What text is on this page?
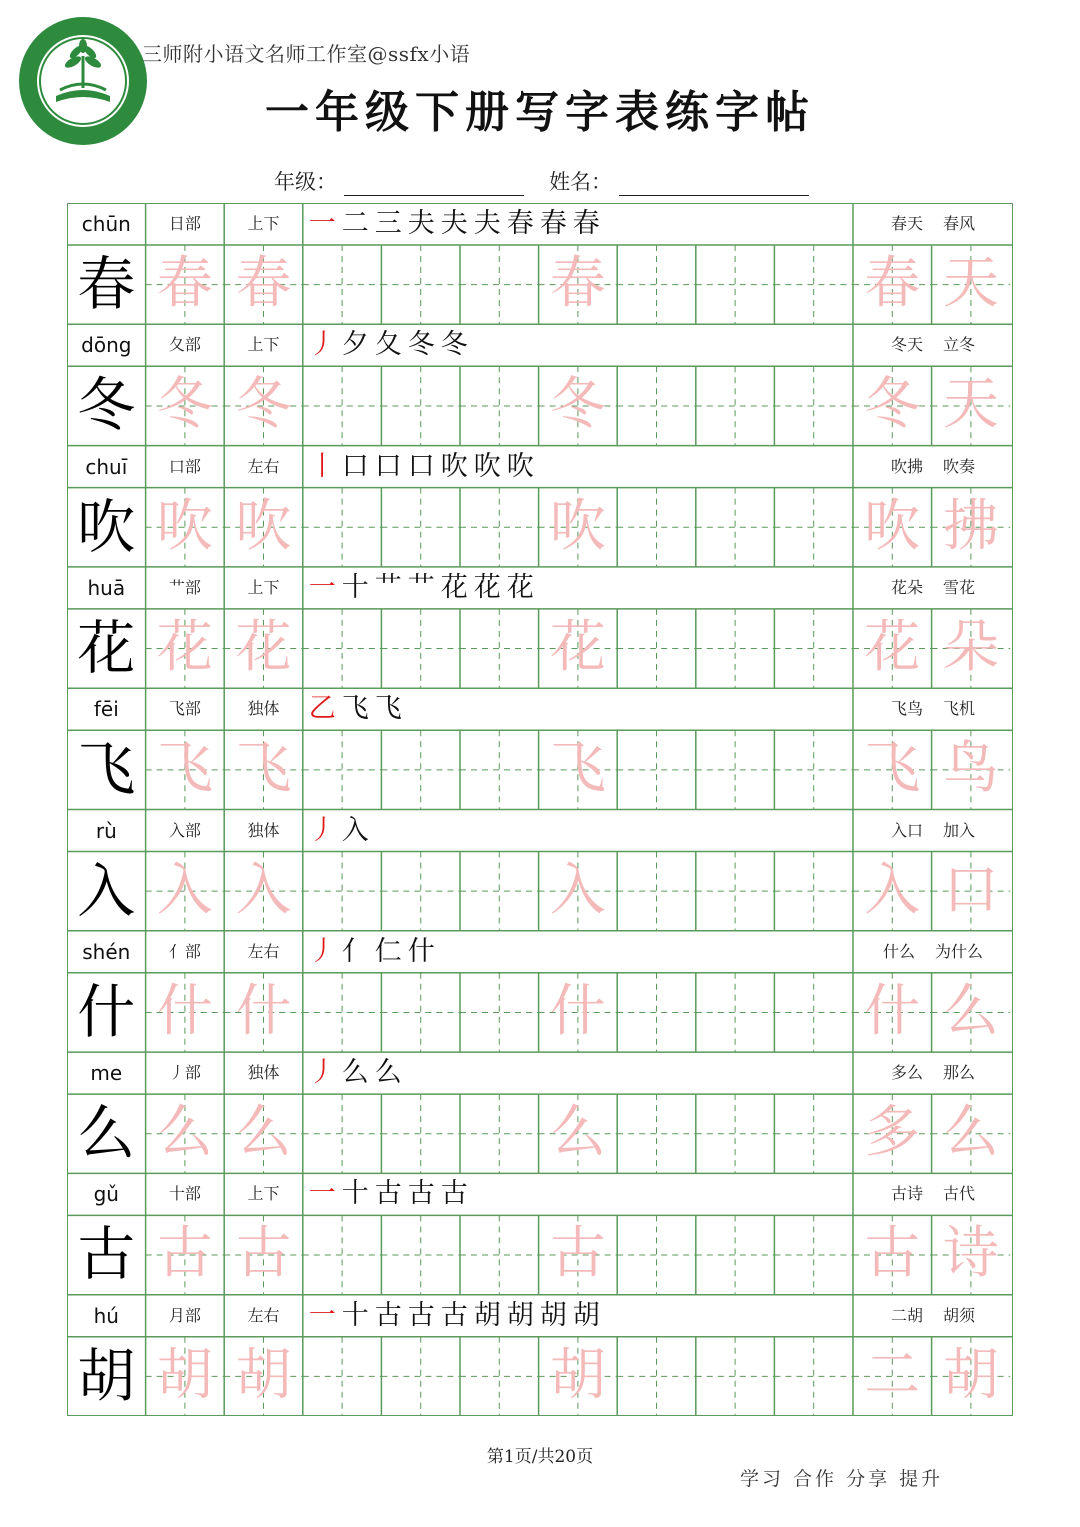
三师附小语文名师工作室@ssfx小语
一年级下册写字表练字帖
年级：	姓名：
chūn	日部	上下	一二三夫夫夫春春春	春天 春风
春 春 春	春	春 天
dōng	夂部	上下	丿夕夂冬冬	冬天 立冬
冬 冬 冬	冬	冬 天
chuī	口部	左右	丨口口口吹吹吹	吹拂 吹奏
吹 吹 吹	吹	吹 拂
huā	艹部	上下	一十艹艹花花花	花朵 雪花
花 花 花	花	花 朵
fēi	飞部	独体	乙飞飞	飞鸟 飞机
飞 飞 飞	飞	飞 鸟
rù	入部	独体	丿入	入口 加入
入 入 入	入	入 口
shén	亻部	左右	丿亻仁什	什么 为什么
什 什 什	什	什 么
me	丿部	独体	丿么么	多么 那么
么 么 么	么	多 么
gǔ	十部	上下	一十古古古	古诗 古代
古 古 古	古	古 诗
hú	月部	左右	一十古古古胡胡胡胡	二胡 胡须
胡 胡 胡	胡	二 胡
第1页/共20页
学习 合作 分享 提升
